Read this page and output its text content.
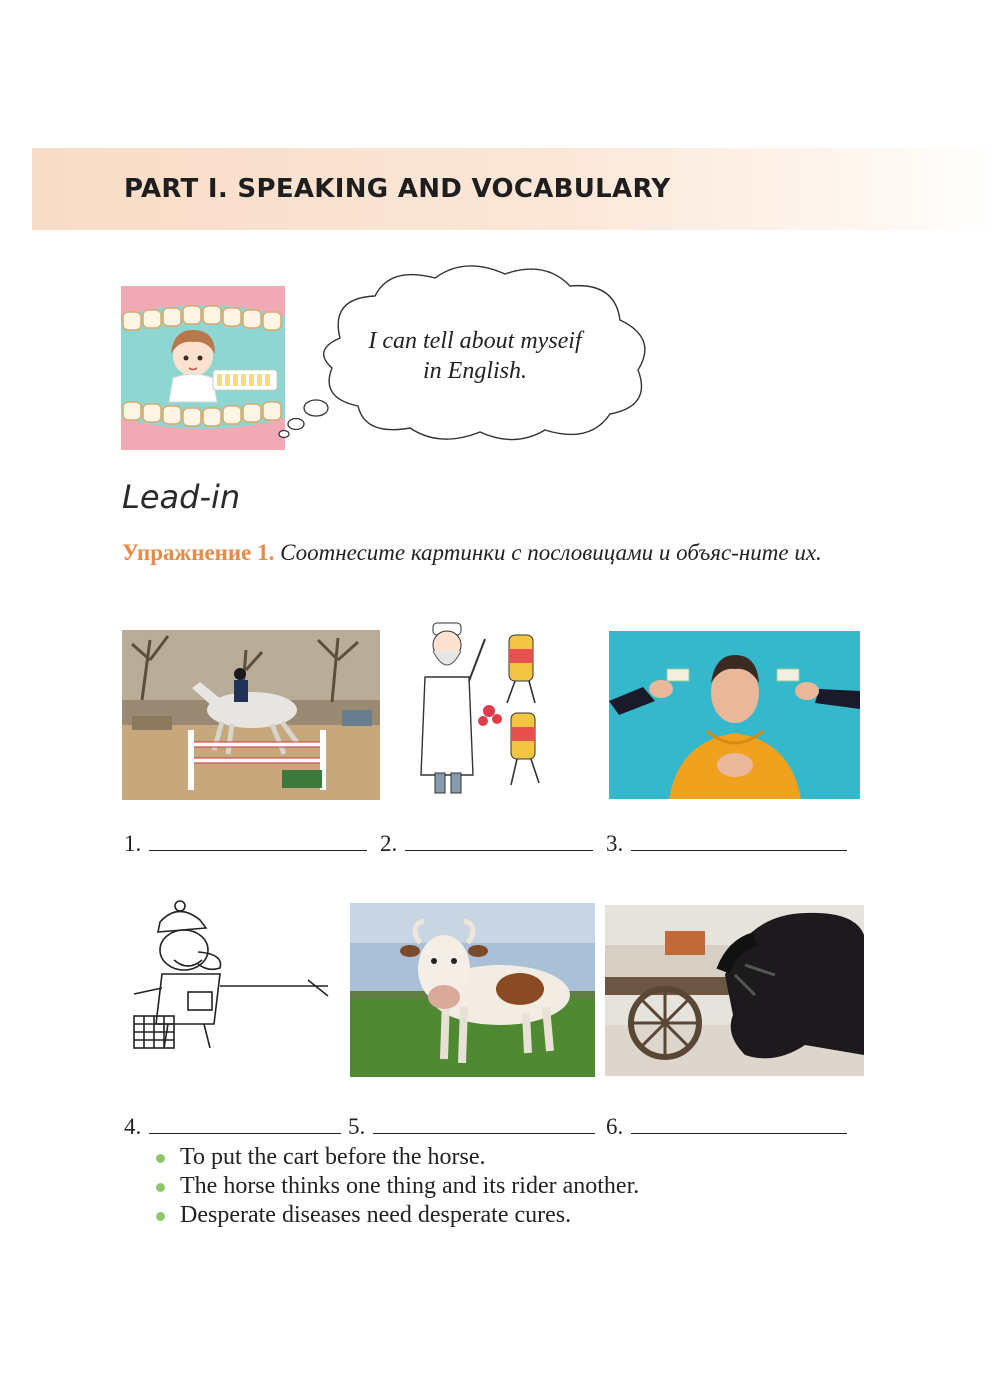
PART I. SPEAKING AND VOCABULARY
I can tell about myseif
in English.
Lead-in
Упражнение 1. Соотнесите картинки с пословицами и объяс-ните их.
1.	2.	3.
4.	5.	6.
To put the cart before the horse.
The horse thinks one thing and its rider another.
Desperate diseases need desperate cures.
